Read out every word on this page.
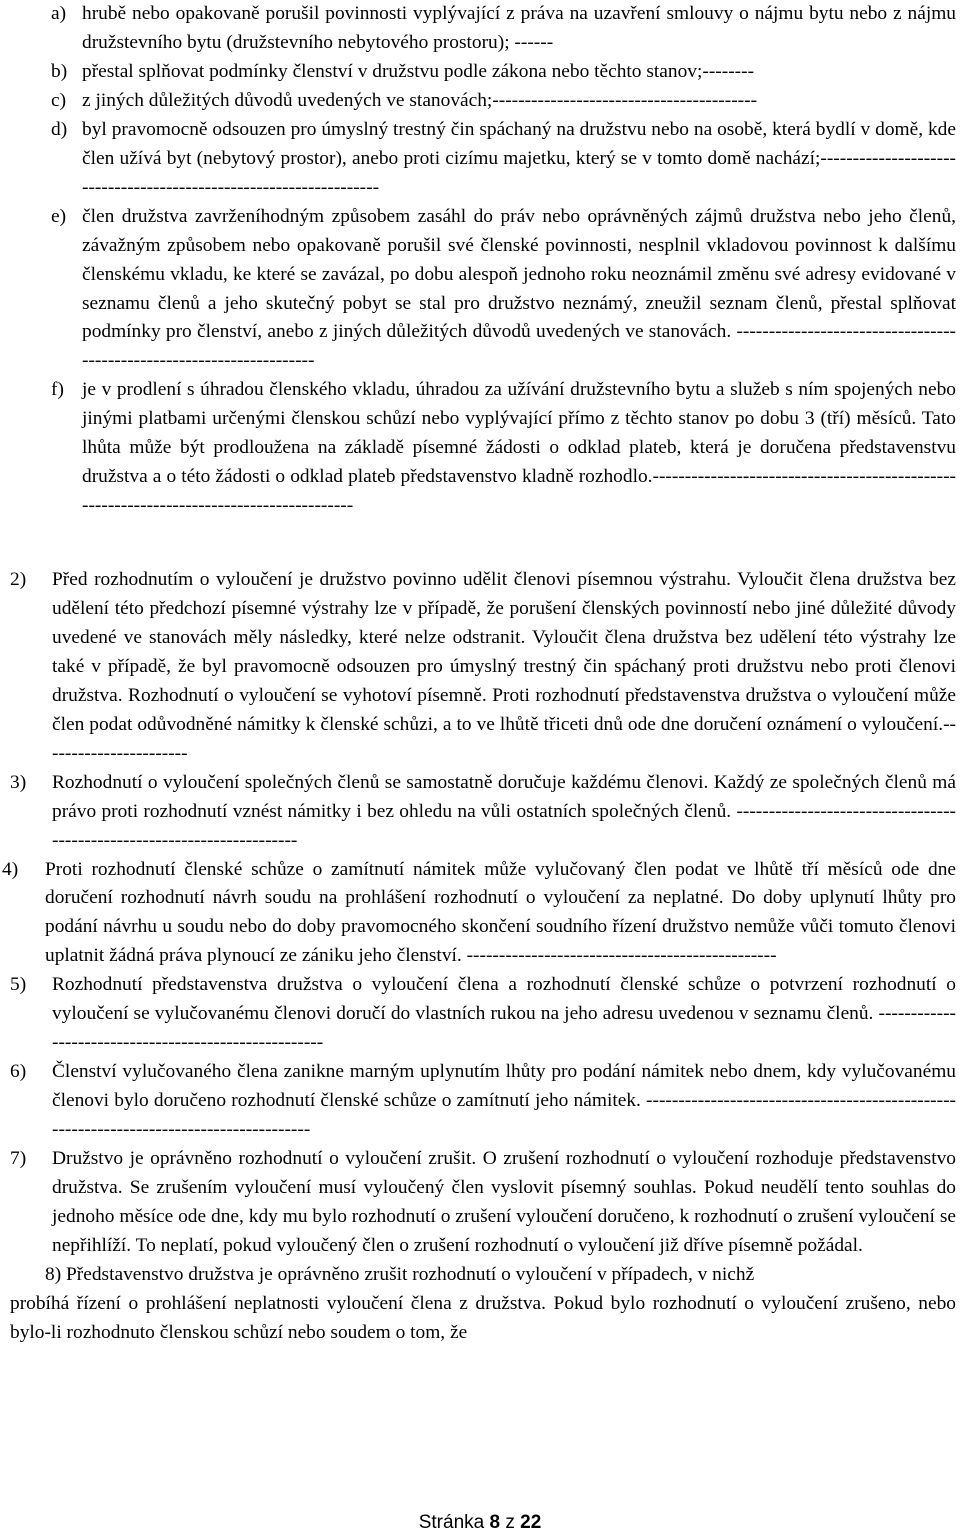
a) hrubě nebo opakovaně porušil povinnosti vyplývající z práva na uzavření smlouvy o nájmu bytu nebo z nájmu družstevního bytu (družstevního nebytového prostoru); ------
b) přestal splňovat podmínky členství v družstvu podle zákona nebo těchto stanov;--------
c) z jiných důležitých důvodů uvedených ve stanovách;-----------------------------------------
d) byl pravomocně odsouzen pro úmyslný trestný čin spáchaný na družstvu nebo na osobě, která bydlí v domě, kde člen užívá byt (nebytový prostor), anebo proti cizímu majetku, který se v tomto domě nachází;-------------------------------------------------------------------
e) člen družstva zavrženíhodným způsobem zasáhl do práv nebo oprávněných zájmů družstva nebo jeho členů, závažným způsobem nebo opakovaně porušil své členské povinnosti, nesplnil vkladovou povinnost k dalšímu členskému vkladu, ke které se zavázal, po dobu alespoň jednoho roku neoznámil změnu své adresy evidované v seznamu členů a jeho skutečný pobyt se stal pro družstvo neznámý, zneužil seznam členů, přestal splňovat podmínky pro členství, anebo z jiných důležitých důvodů uvedených ve stanovách. ----------------------------------------------------------------------
f) je v prodlení s úhradou členského vkladu, úhradou za užívání družstevního bytu a služeb s ním spojených nebo jinými platbami určenými členskou schůzí nebo vyplývající přímo z těchto stanov po dobu 3 (tří) měsíců. Tato lhůta může být prodloužena na základě písemné žádosti o odklad plateb, která je doručena představenstvu družstva a o této žádosti o odklad plateb představenstvo kladně rozhodlo.-----------------------------------------------------------------------------------------
2) Před rozhodnutím o vyloučení je družstvo povinno udělit členovi písemnou výstrahu. Vyloučit člena družstva bez udělení této předchozí písemné výstrahy lze v případě, že porušení členských povinností nebo jiné důležité důvody uvedené ve stanovách měly následky, které nelze odstranit. Vyloučit člena družstva bez udělení této výstrahy lze také v případě, že byl pravomocně odsouzen pro úmyslný trestný čin spáchaný proti družstvu nebo proti členovi družstva. Rozhodnutí o vyloučení se vyhotoví písemně. Proti rozhodnutí představenstva družstva o vyloučení může člen podat odůvodněné námitky k členské schůzi, a to ve lhůtě třiceti dnů ode dne doručení oznámení o vyloučení.-----------------------
3) Rozhodnutí o vyloučení společných členů se samostatně doručuje každému členovi. Každý ze společných členů má právo proti rozhodnutí vznést námitky i bez ohledu na vůli ostatních společných členů. ------------------------------------------------------------------------
4) Proti rozhodnutí členské schůze o zamítnutí námitek může vylučovaný člen podat ve lhůtě tří měsíců ode dne doručení rozhodnutí návrh soudu na prohlášení rozhodnutí o vyloučení za neplatné. Do doby uplynutí lhůty pro podání návrhu u soudu nebo do doby pravomocného skončení soudního řízení družstvo nemůže vůči tomuto členovi uplatnit žádná práva plynoucí ze zániku jeho členství. ------------------------------------------------
5) Rozhodnutí představenstva družstva o vyloučení člena a rozhodnutí členské schůze o potvrzení rozhodnutí o vyloučení se vylučovanému členovi doručí do vlastních rukou na jeho adresu uvedenou v seznamu členů. ------------------------------------------------------
6) Členství vylučovaného člena zanikne marným uplynutím lhůty pro podání námitek nebo dnem, kdy vylučovanému členovi bylo doručeno rozhodnutí členské schůze o zamítnutí jeho námitek. ----------------------------------------------------------------------------------------
7) Družstvo je oprávněno rozhodnutí o vyloučení zrušit. O zrušení rozhodnutí o vyloučení rozhoduje představenstvo družstva. Se zrušením vyloučení musí vyloučený člen vyslovit písemný souhlas. Pokud neudělí tento souhlas do jednoho měsíce ode dne, kdy mu bylo rozhodnutí o zrušení vyloučení doručeno, k rozhodnutí o zrušení vyloučení se nepřihlíží. To neplatí, pokud vyloučený člen o zrušení rozhodnutí o vyloučení již dříve písemně požádal.
8) Představenstvo družstva je oprávněno zrušit rozhodnutí o vyloučení v případech, v nichž
probíhá řízení o prohlášení neplatnosti vyloučení člena z družstva. Pokud bylo rozhodnutí o vyloučení zrušeno, nebo bylo-li rozhodnuto členskou schůzí nebo soudem o tom, že
Stránka 8 z 22
